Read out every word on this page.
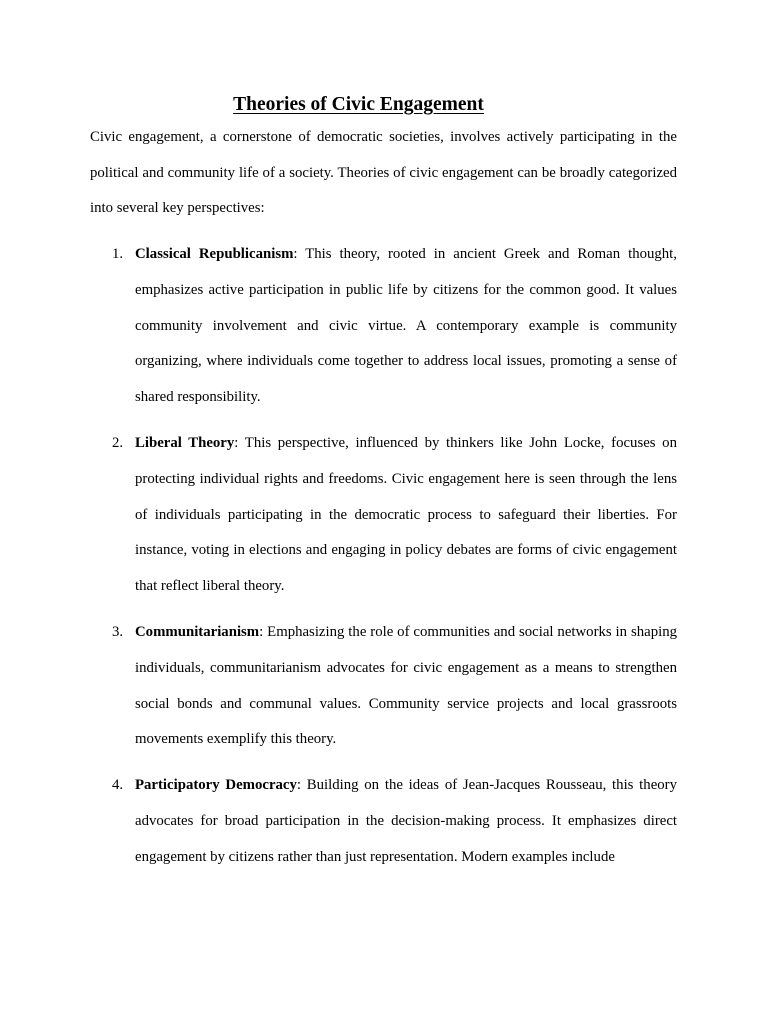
Theories of Civic Engagement

Civic engagement, a cornerstone of democratic societies, involves actively participating in the political and community life of a society. Theories of civic engagement can be broadly categorized into several key perspectives:

1. Classical Republicanism: This theory, rooted in ancient Greek and Roman thought, emphasizes active participation in public life by citizens for the common good. It values community involvement and civic virtue. A contemporary example is community organizing, where individuals come together to address local issues, promoting a sense of shared responsibility.
2. Liberal Theory: This perspective, influenced by thinkers like John Locke, focuses on protecting individual rights and freedoms. Civic engagement here is seen through the lens of individuals participating in the democratic process to safeguard their liberties. For instance, voting in elections and engaging in policy debates are forms of civic engagement that reflect liberal theory.
3. Communitarianism: Emphasizing the role of communities and social networks in shaping individuals, communitarianism advocates for civic engagement as a means to strengthen social bonds and communal values. Community service projects and local grassroots movements exemplify this theory.
4. Participatory Democracy: Building on the ideas of Jean-Jacques Rousseau, this theory advocates for broad participation in the decision-making process. It emphasizes direct engagement by citizens rather than just representation. Modern examples include
